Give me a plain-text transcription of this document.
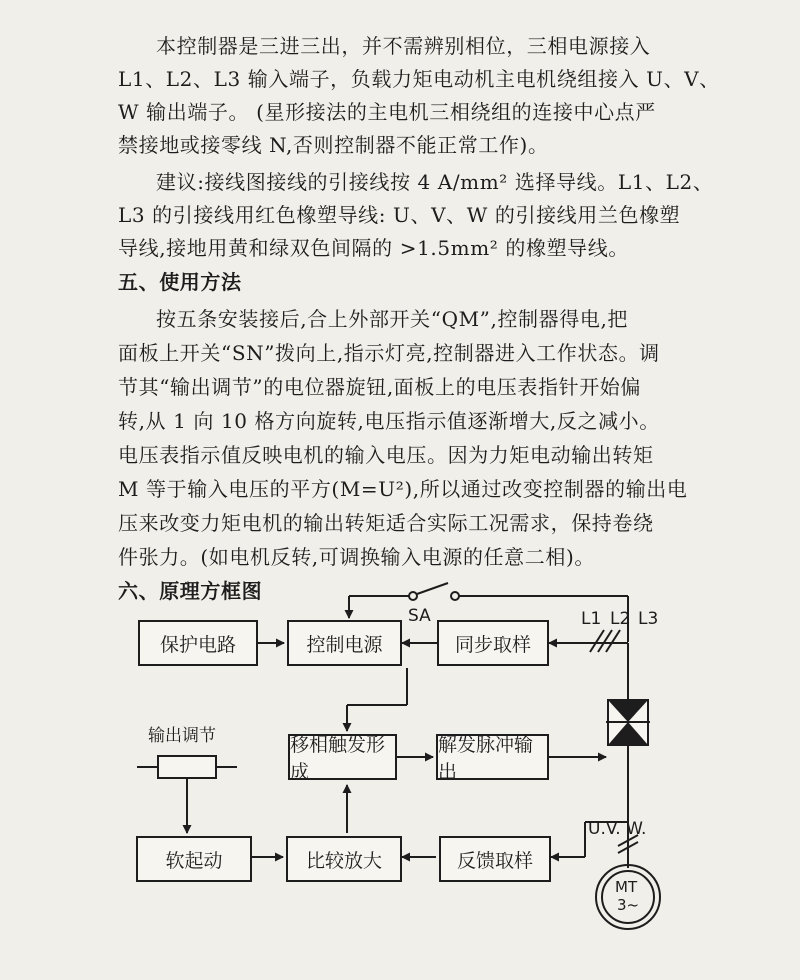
本控制器是三进三出，并不需辨别相位，三相电源接入
L1、L2、L3 输入端子，负载力矩电动机主电机绕组接入 U、V、
W 输出端子。 (星形接法的主电机三相绕组的连接中心点严
禁接地或接零线 N,否则控制器不能正常工作)。
建议:接线图接线的引接线按 4 A/mm² 选择导线。L1、L2、
L3 的引接线用红色橡塑导线: U、V、W 的引接线用兰色橡塑
导线,接地用黄和绿双色间隔的 >1.5mm² 的橡塑导线。
五、使用方法
按五条安装接后,合上外部开关“QM”,控制器得电,把
面板上开关“SN”拨向上,指示灯亮,控制器进入工作状态。调
节其“输出调节”的电位器旋钮,面板上的电压表指针开始偏
转,从 1 向 10 格方向旋转,电压指示值逐渐增大,反之减小。
电压表指示值反映电机的输入电压。因为力矩电动输出转矩
M 等于输入电压的平方(M=U²),所以通过改变控制器的输出电
压来改变力矩电机的输出转矩适合实际工况需求，保持卷绕
件张力。(如电机反转,可调换输入电源的任意二相)。
六、原理方框图
保护电路	控制电源	同步取样
移相触发形成
解发脉冲输出
软起动	比较放大	反馈取样
输出调节
SA	L1 L2 L3
U.V. W.
MT
3~
